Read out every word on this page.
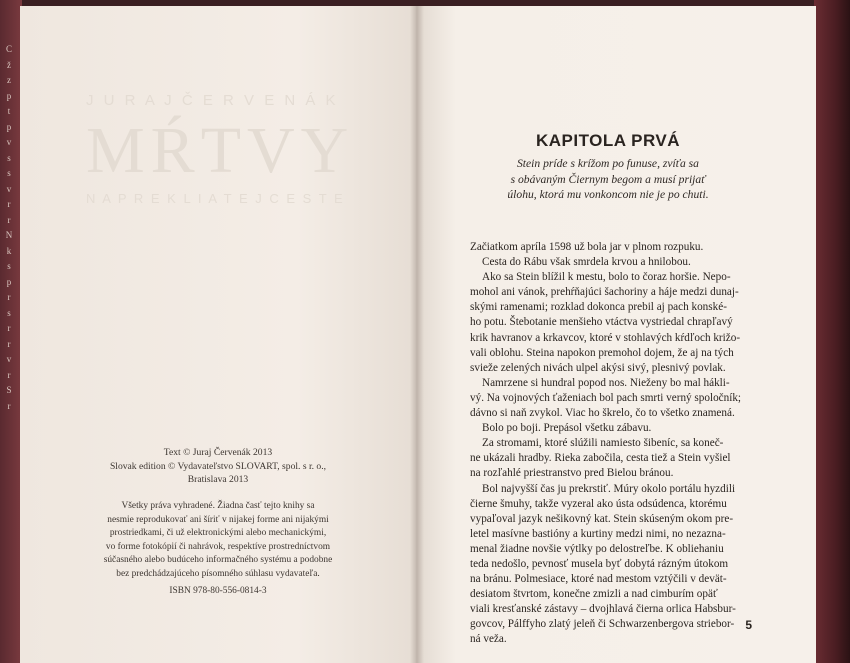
C
ž
z
p
t
p
v
s
s
v
r
r
N
k
s
p
r
s
r
r
v
r
S
r
J U R A J Č E R V E N Á K
MŔTVY
N A P R E K L I A T E J C E S T E
Text © Juraj Červenák 2013
Slovak edition © Vydavateľstvo SLOVART, spol. s r. o.,
Bratislava 2013
Všetky práva vyhradené. Žiadna časť tejto knihy sa
nesmie reprodukovať ani šíriť v nijakej forme ani nijakými
prostriedkami, či už elektronickými alebo mechanickými,
vo forme fotokópií či nahrávok, respektíve prostredníctvom
súčasného alebo budúceho informačného systému a podobne
bez predchádzajúceho písomného súhlasu vydavateľa.
ISBN 978-80-556-0814-3
KAPITOLA PRVÁ
Stein príde s krížom po funuse, zvíťa sa
s obávaným Čiernym begom a musí prijať
úlohu, ktorá mu vonkoncom nie je po chuti.
Začiatkom apríla 1598 už bola jar v plnom rozpuku.
Cesta do Rábu však smrdela krvou a hnilobou.
Ako sa Stein blížil k mestu, bolo to čoraz horšie. Nepo-
mohol ani vánok, prehŕňajúci šachoriny a háje medzi dunaj-
skými ramenami; rozklad dokonca prebil aj pach konské-
ho potu. Štebotanie menšieho vtáctva vystriedal chrapľavý
krik havranov a krkavcov, ktoré v stohlavých kŕdľoch križo-
vali oblohu. Steina napokon premohol dojem, že aj na tých
svieže zelených nivách ulpel akýsi sivý, plesnivý povlak.
Namrzene si hundral popod nos. Nieženy bo mal hákli-
vý. Na vojnových ťaženiach bol pach smrti verný spoločník;
dávno si naň zvykol. Viac ho škrelo, čo to všetko znamená.
Bolo po boji. Prepásol všetku zábavu.
Za stromami, ktoré slúžili namiesto šibeníc, sa koneč-
ne ukázali hradby. Rieka zabočila, cesta tiež a Stein vyšiel
na rozľahlé priestranstvo pred Bielou bránou.
Bol najvyšší čas ju prekrstiť. Múry okolo portálu hyzdili
čierne šmuhy, takže vyzeral ako ústa odsúdenca, ktorému
vypaľoval jazyk nešikovný kat. Stein skúseným okom pre-
letel masívne bastióny a kurtiny medzi nimi, no nezazna-
menal žiadne novšie výtlky po delostreľbe. K obliehaniu
teda nedošlo, pevnosť musela byť dobytá rázným útokom
na bránu. Polmesiace, ktoré nad mestom vztýčili v devät-
desiatom štvrtom, konečne zmizli a nad cimburím opäť
viali kresťanské zástavy – dvojhlavá čierna orlica Habsbur-
govcov, Pálffyho zlatý jeleň či Schwarzenbergova striebor-
ná veža.
5
